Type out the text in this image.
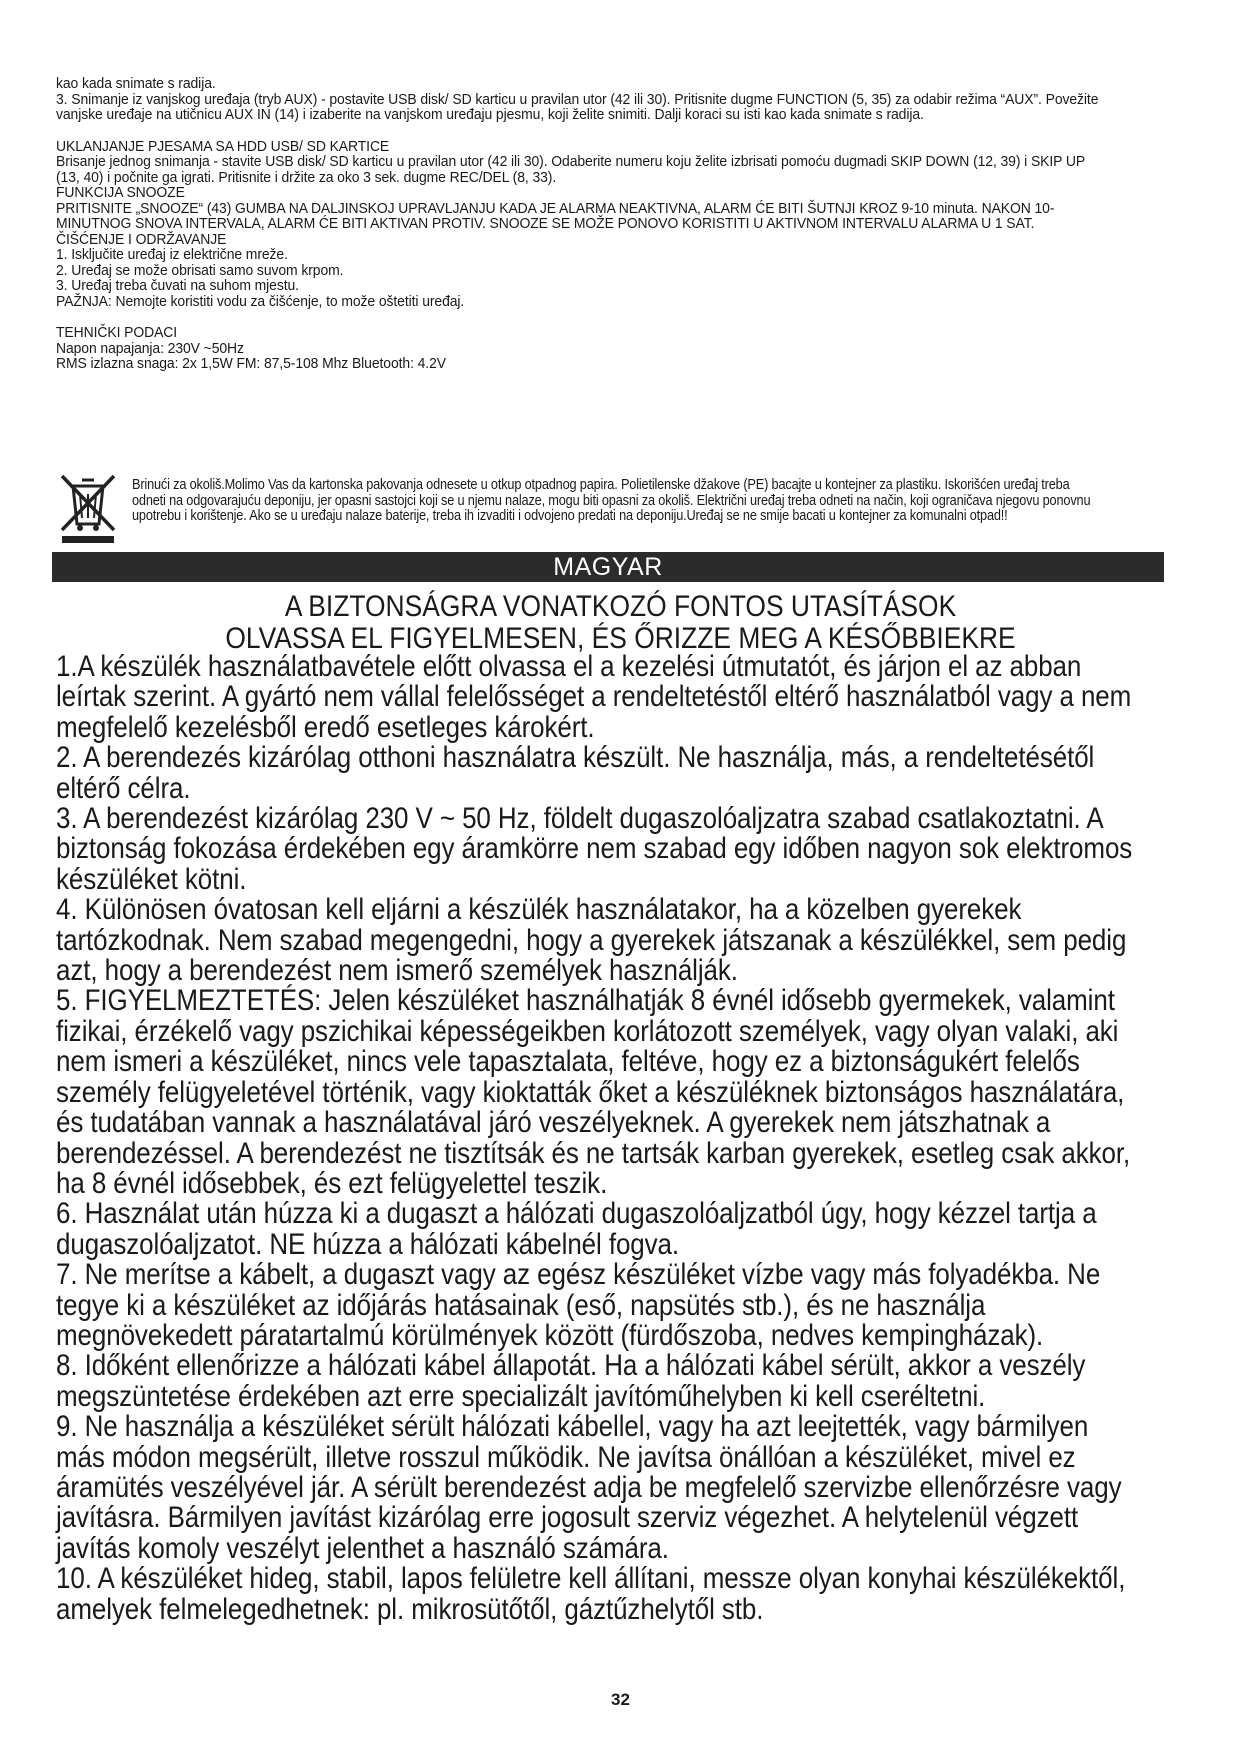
kao kada snimate s radija.

3. Snimanje iz vanjskog uređaja (tryb AUX) - postavite USB disk/ SD karticu u pravilan utor (42 ili 30). Pritisnite dugme FUNCTION (5, 35) za odabir režima “AUX”. Povežite vanjske uređaje na utičnicu AUX IN (14) i izaberite na vanjskom uređaju pjesmu, koji želite snimiti. Dalji koraci su isti kao kada snimate s radija.

UKLANJANJE PJESAMA SA HDD USB/ SD KARTICE

Brisanje jednog snimanja - stavite USB disk/ SD karticu u pravilan utor (42 ili 30). Odaberite numeru koju želite izbrisati pomoću dugmadi SKIP DOWN (12, 39) i SKIP UP (13, 40) i počnite ga igrati. Pritisnite i držite za oko 3 sek. dugme REC/DEL (8, 33).

FUNKCIJA SNOOZE

PRITISNITE „SNOOZE“ (43) GUMBA NA DALJINSKOJ UPRAVLJANJU KADA JE ALARMA NEAKTIVNA, ALARM ĆE BITI ŠUTNJI KROZ 9-10 minuta. NAKON 10-MINUTNOG SNOVA INTERVALA, ALARM ĆE BITI AKTIVAN PROTIV. SNOOZE SE MOŽE PONOVO KORISTITI U AKTIVNOM INTERVALU ALARMA U 1 SAT.

ČIŠĆENJE I ODRŽAVANJE

1. Isključite uređaj iz električne mreže.

2. Uređaj se može obrisati samo suvom krpom.

3. Uređaj treba čuvati na suhom mjestu.

PAŽNJA: Nemojte koristiti vodu za čišćenje, to može oštetiti uređaj.

TEHNIČKI PODACI

Napon napajanja: 230V ~50Hz

RMS izlazna snaga: 2x 1,5W FM: 87,5-108 Mhz Bluetooth: 4.2V

Brinući za okoliš.Molimo Vas da kartonska pakovanja odnesete u otkup otpadnog papira. Polietilenske džakove (PE) bacajte u kontejner za plastiku. Iskorišćen uređaj treba odneti na odgovarajuću deponiju, jer opasni sastojci koji se u njemu nalaze, mogu biti opasni za okoliš. Električni uređaj treba odneti na način, koji ograničava njegovu ponovnu upotrebu i korištenje. Ako se u uređaju nalaze baterije, treba ih izvaditi i odvojeno predati na deponiju.Uređaj se ne smije bacati u kontejner za komunalni otpad!!

MAGYAR

A BIZTONSÁGRA VONATKOZÓ FONTOS UTASÍTÁSOK

OLVASSA EL FIGYELMESEN, ÉS ŐRIZZE MEG A KÉSŐBBIEKRE

1.A készülék használatbavétele előtt olvassa el a kezelési útmutatót, és járjon el az abban leírtak szerint. A gyártó nem vállal felelősséget a rendeltetéstől eltérő használatból vagy a nem megfelelő kezelésből eredő esetleges károkért.

2. A berendezés kizárólag otthoni használatra készült. Ne használja, más, a rendeltetésétől eltérő célra.

3. A berendezést kizárólag 230 V ~ 50 Hz, földelt dugaszolóaljzatra szabad csatlakoztatni. A biztonság fokozása érdekében egy áramkörre nem szabad egy időben nagyon sok elektromos készüléket kötni.

4. Különösen óvatosan kell eljárni a készülék használatakor, ha a közelben gyerekek tartózkodnak. Nem szabad megengedni, hogy a gyerekek játszanak a készülékkel, sem pedig azt, hogy a berendezést nem ismerő személyek használják.

5. FIGYELMEZTETÉS: Jelen készüléket használhatják 8 évnél idősebb gyermekek, valamint fizikai, érzékelő vagy pszichikai képességeikben korlátozott személyek, vagy olyan valaki, aki nem ismeri a készüléket, nincs vele tapasztalata, feltéve, hogy ez a biztonságukért felelős személy felügyeletével történik, vagy kioktatták őket a készüléknek biztonságos használatára, és tudatában vannak a használatával járó veszélyeknek. A gyerekek nem játszhatnak a berendezéssel. A berendezést ne tisztítsák és ne tartsák karban gyerekek, esetleg csak akkor, ha 8 évnél idősebbek, és ezt felügyelettel teszik.

6. Használat után húzza ki a dugaszt a hálózati dugaszolóaljzatból úgy, hogy kézzel tartja a dugaszolóaljzatot. NE húzza a hálózati kábelnél fogva.

7. Ne merítse a kábelt, a dugaszt vagy az egész készüléket vízbe vagy más folyadékba. Ne tegye ki a készüléket az időjárás hatásainak (eső, napsütés stb.), és ne használja megnövekedett páratartalmú körülmények között (fürdőszoba, nedves kempingházak).

8. Időként ellenőrizze a hálózati kábel állapotát. Ha a hálózati kábel sérült, akkor a veszély megszüntetése érdekében azt erre specializált javítóműhelyben ki kell cseréltetni.

9. Ne használja a készüléket sérült hálózati kábellel, vagy ha azt leejtették, vagy bármilyen más módon megsérült, illetve rosszul működik. Ne javítsa önállóan a készüléket, mivel ez áramütés veszélyével jár. A sérült berendezést adja be megfelelő szervizbe ellenőrzésre vagy javításra. Bármilyen javítást kizárólag erre jogosult szerviz végezhet. A helytelenül végzett javítás komoly veszélyt jelenthet a használó számára.

10. A készüléket hideg, stabil, lapos felületre kell állítani, messze olyan konyhai készülékektől, amelyek felmelegedhetnek: pl. mikrosütőtől, gáztűzhelytől stb.

32
